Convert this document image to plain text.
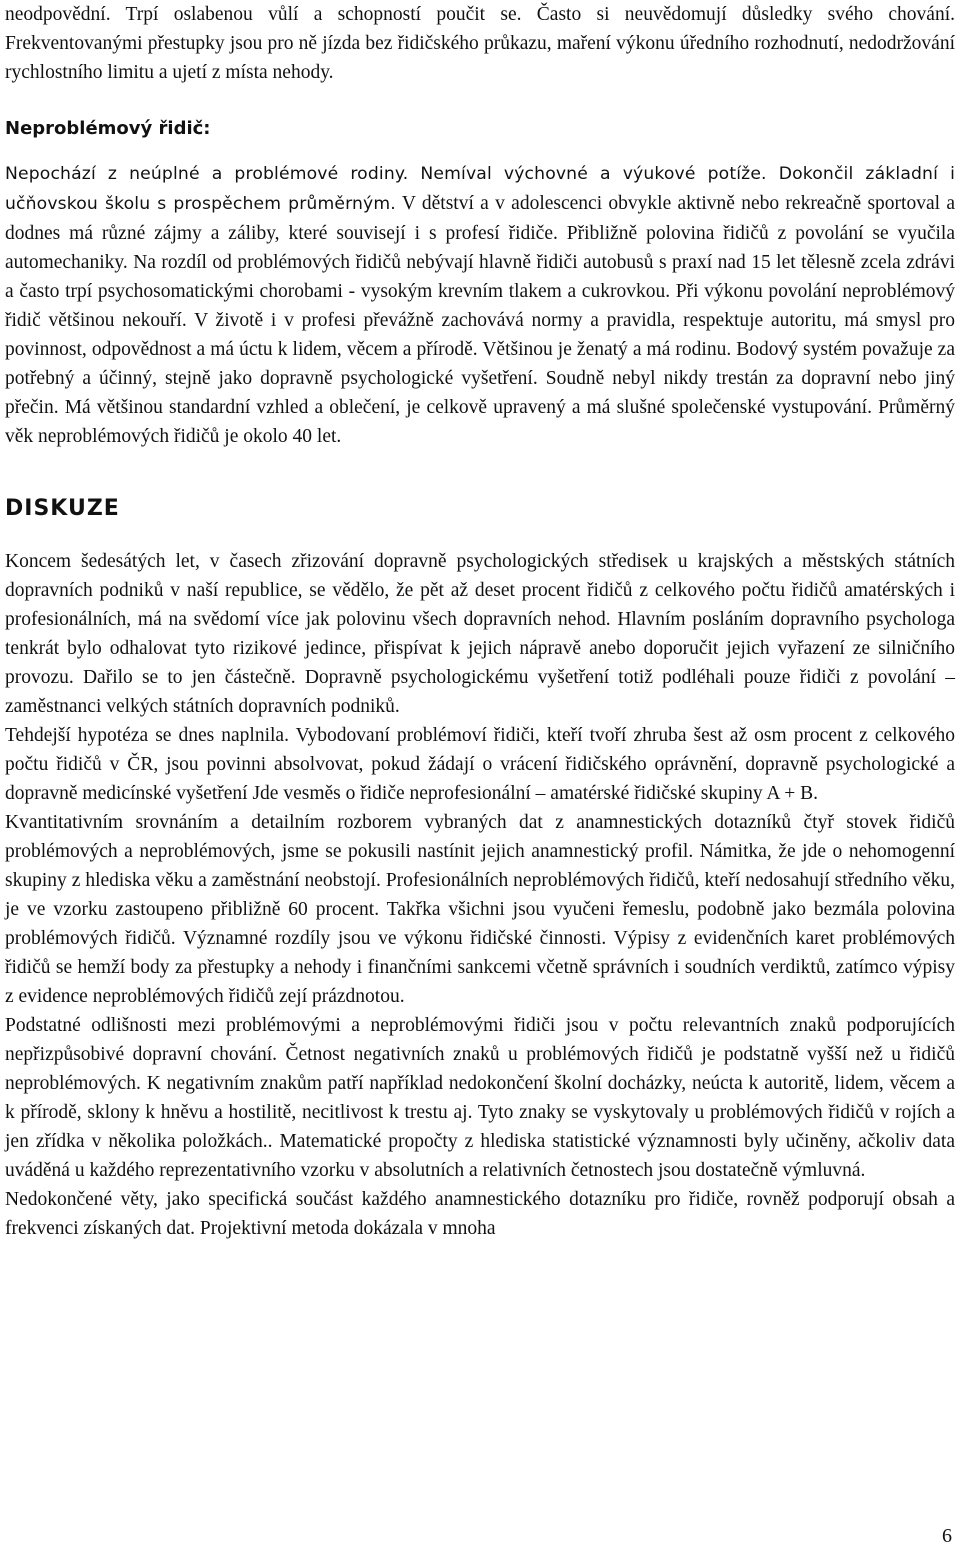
neodpovědní. Trpí oslabenou vůlí a schopností poučit se. Často si neuvědomují důsledky svého chování. Frekventovanými přestupky jsou pro ně jízda bez řidičského průkazu, maření výkonu úředního rozhodnutí, nedodržování rychlostního limitu a ujetí z místa nehody.

Neproblémový řidič:

Nepochází z neúplné a problémové rodiny. Nemíval výchovné a výukové potíže. Dokončil základní i učňovskou školu s prospěchem průměrným. V dětství a v adolescenci obvykle aktivně nebo rekreačně sportoval a dodnes má různé zájmy a záliby, které souvisejí i s profesí řidiče. Přibližně polovina řidičů z povolání se vyučila automechaniky. Na rozdíl od problémových řidičů nebývají hlavně řidiči autobusů s praxí nad 15 let tělesně zcela zdrávi a často trpí psychosomatickými chorobami - vysokým krevním tlakem a cukrovkou. Při výkonu povolání neproblémový řidič většinou nekouří. V životě i v profesi převážně zachovává normy a pravidla, respektuje autoritu, má smysl pro povinnost, odpovědnost a má úctu k lidem, věcem a přírodě. Většinou je ženatý a má rodinu. Bodový systém považuje za potřebný a účinný, stejně jako dopravně psychologické vyšetření. Soudně nebyl nikdy trestán za dopravní nebo jiný přečin. Má většinou standardní vzhled a oblečení, je celkově upravený a má slušné společenské vystupování. Průměrný věk neproblémových řidičů je okolo 40 let.

DISKUZE

Koncem šedesátých let, v časech zřizování dopravně psychologických středisek u krajských a městských státních dopravních podniků v naší republice, se vědělo, že pět až deset procent řidičů z celkového počtu řidičů amatérských i profesionálních, má na svědomí více jak polovinu všech dopravních nehod. Hlavním posláním dopravního psychologa tenkrát bylo odhalovat tyto rizikové jedince, přispívat k jejich nápravě anebo doporučit jejich vyřazení ze silničního provozu. Dařilo se to jen částečně. Dopravně psychologickému vyšetření totiž podléhali pouze řidiči z povolání – zaměstnanci velkých státních dopravních podniků.

Tehdejší hypotéza se dnes naplnila. Vybodovaní problémoví řidiči, kteří tvoří zhruba šest až osm procent z celkového počtu řidičů v ČR, jsou povinni absolvovat, pokud žádají o vrácení řidičského oprávnění, dopravně psychologické a dopravně medicínské vyšetření Jde vesměs o řidiče neprofesionální – amatérské řidičské skupiny A + B.

Kvantitativním srovnáním a detailním rozborem vybraných dat z anamnestických dotazníků čtyř stovek řidičů problémových a neproblémových, jsme se pokusili nastínit jejich anamnestický profil. Námitka, že jde o nehomogenní skupiny z hlediska věku a zaměstnání neobstojí. Profesionálních neproblémových řidičů, kteří nedosahují středního věku, je ve vzorku zastoupeno přibližně 60 procent. Takřka všichni jsou vyučeni řemeslu, podobně jako bezmála polovina problémových řidičů. Významné rozdíly jsou ve výkonu řidičské činnosti. Výpisy z evidenčních karet problémových řidičů se hemží body za přestupky a nehody i finančními sankcemi včetně správních i soudních verdiktů, zatímco výpisy z evidence neproblémových řidičů zejí prázdnotou.

Podstatné odlišnosti mezi problémovými a neproblémovými řidiči jsou v počtu relevantních znaků podporujících nepřizpůsobivé dopravní chování. Četnost negativních znaků u problémových řidičů je podstatně vyšší než u řidičů neproblémových. K negativním znakům patří například nedokončení školní docházky, neúcta k autoritě, lidem, věcem a k přírodě, sklony k hněvu a hostilitě, necitlivost k trestu aj. Tyto znaky se vyskytovaly u problémových řidičů v rojích a jen zřídka v několika položkách.. Matematické propočty z hlediska statistické významnosti byly učiněny, ačkoliv data uváděná u každého reprezentativního vzorku v absolutních a relativních četnostech jsou dostatečně výmluvná.

Nedokončené věty, jako specifická součást každého anamnestického dotazníku pro řidiče, rovněž podporují obsah a frekvenci získaných dat. Projektivní metoda dokázala v mnoha

6
